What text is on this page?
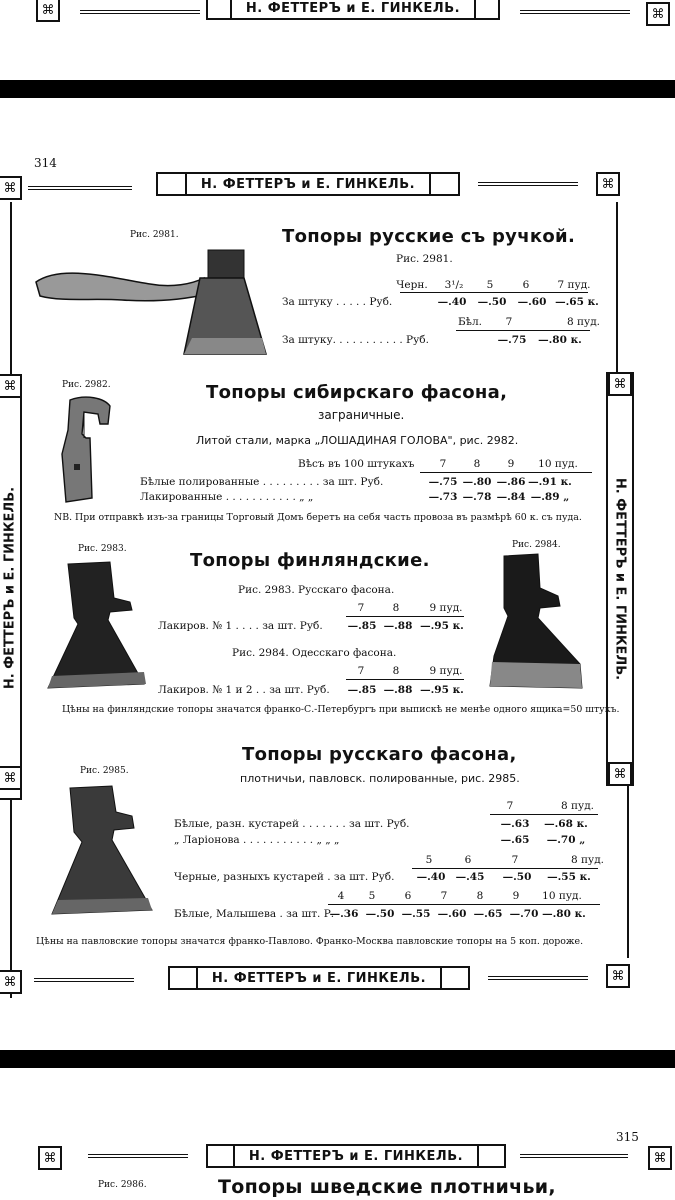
⌘	Н. ФЕТТЕРЪ и Е. ГИНКЕЛЬ.	⌘
314
⌘	Н. ФЕТТЕРЪ и Е. ГИНКЕЛЬ.	⌘
Н. ФЕТТЕРЪ и Е. ГИНКЕЛЬ.
⌘
⌘
Н. ФЕТТЕРЪ и Е. ГИНКЕЛЬ.
⌘
⌘
Рис. 2981.	Топоры русские съ ручкой.
Рис. 2981.
Черн. 3¹/₂ 5	6	7 пуд.
За штуку . . . . . Руб.	—.40 —.50 —.60 —.65 к.
Бѣл. 7	8 пуд.
За штуку. . . . . . . . . . . Руб.	—.75 —.80 к.
Рис. 2982.	Топоры сибирскаго фасона,
заграничные.
Литой стали, марка „ЛОШАДИНАЯ ГОЛОВА", рис. 2982.
Вѣсъ въ 100 штукахъ 7	8	9 10 пуд.
Бѣлые полированные . . . . . . . . . за шт. Руб.	—.75 —.80 —.86 —.91 к.
Лакированные . . . . . . . . . . . „ „	—.73 —.78 —.84 —.89 „
NB. При отправкѣ изъ-за границы Торговый Домъ беретъ на себя часть провоза въ размѣрѣ 60 к. съ пуда.
Рис. 2983.	Рис. 2984.
Топоры финляндские.
Рис. 2983. Русскаго фасона.
7	8	9 пуд.
Лакиров. № 1 . . . . за шт. Руб. —.85 —.88 —.95 к.
Рис. 2984. Одесскаго фасона.
7	8	9 пуд.
Лакиров. № 1 и 2 . . за шт. Руб. —.85 —.88 —.95 к.
Цѣны на финляндские топоры значатся франко-С.-Петербургъ при выпискѣ не менѣе одного ящика=50 штукъ.
Рис. 2985.
Топоры русскаго фасона,
плотничьи, павловск. полированные, рис. 2985.
7	8 пуд.
Бѣлые, разн. кустарей . . . . . . . за шт. Руб.	—.63 —.68 к.
„ Ларіонова . . . . . . . . . . . „ „ „	—.65 —.70 „
5	6	7	8 пуд.
Черные, разныхъ кустарей . за шт. Руб. —.40 —.45 —.50 —.55 к.
4 5	6	7	8	9 10 пуд.
Бѣлые, Малышева . за шт. Р.—.36 —.50 —.55 —.60 —.65 —.70 —.80 к.
Цѣны на павловские топоры значатся франко-Павлово. Франко-Москва павловские топоры на 5 коп. дороже.
⌘	Н. ФЕТТЕРЪ и Е. ГИНКЕЛЬ.	⌘
315
⌘	Н. ФЕТТЕРЪ и Е. ГИНКЕЛЬ.	⌘
Рис. 2986.	Топоры шведские плотничьи,
